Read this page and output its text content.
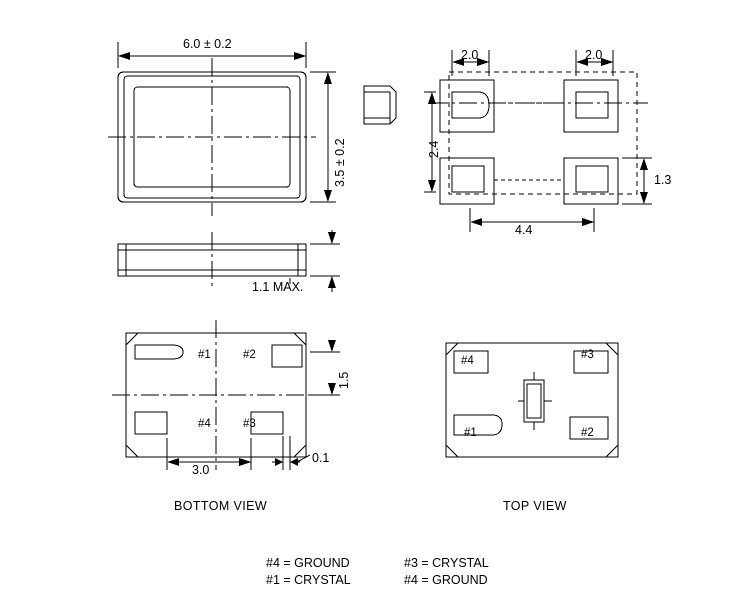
6.0 ± 0.2
3.5 ± 0.2
1.1 MAX.
2.0	2.0
2.4
1.3
4.4
1.5
3.0
0.1
#1	#2
#4	#3
#4	#3
#1	#2
BOTTOM VIEW	TOP VIEW
#4 = GROUND	#3 = CRYSTAL
#1 = CRYSTAL	#4 = GROUND
